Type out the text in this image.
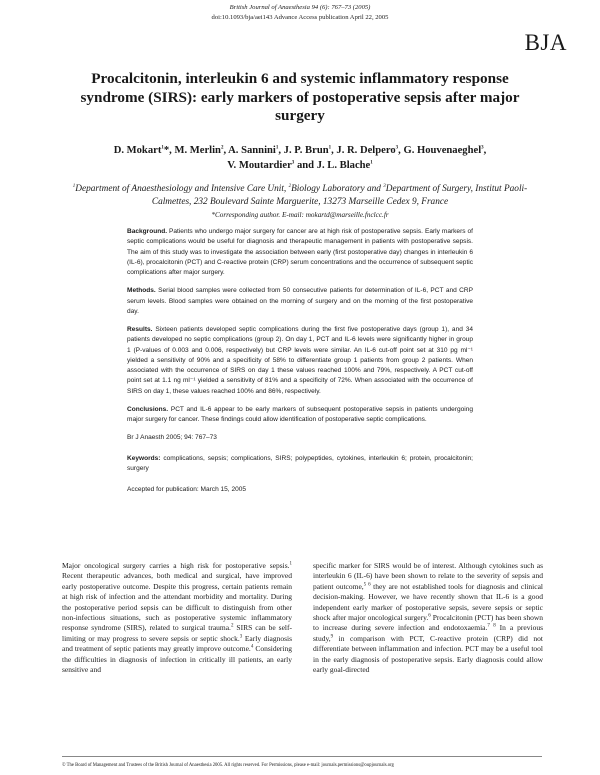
British Journal of Anaesthesia 94 (6): 767–73 (2005)
doi:10.1093/bja/aei143 Advance Access publication April 22, 2005
BJA
Procalcitonin, interleukin 6 and systemic inflammatory response syndrome (SIRS): early markers of postoperative sepsis after major surgery
D. Mokart$^1$*, M. Merlin$^2$, A. Sannini$^1$, J. P. Brun$^1$, J. R. Delpero$^3$, G. Houvenaeghel$^3$,
V. Moutardier$^3$ and J. L. Blache$^1$
$^1$Department of Anaesthesiology and Intensive Care Unit, $^2$Biology Laboratory and $^3$Department of Surgery, Institut Paoli-Calmettes, 232 Boulevard Sainte Marguerite, 13273 Marseille Cedex 9, France
*Corresponding author. E-mail: mokartd@marseille.fnclcc.fr

Background. Patients who undergo major surgery for cancer are at high risk of postoperative sepsis. Early markers of septic complications would be useful for diagnosis and therapeutic management in patients with postoperative sepsis. The aim of this study was to investigate the association between early (first postoperative day) changes in interleukin 6 (IL-6), procalcitonin (PCT) and C-reactive protein (CRP) serum concentrations and the occurrence of subsequent septic complications after major surgery.

Methods. Serial blood samples were collected from 50 consecutive patients for determination of IL-6, PCT and CRP serum levels. Blood samples were obtained on the morning of surgery and on the morning of the first postoperative day.

Results. Sixteen patients developed septic complications during the first five postoperative days (group 1), and 34 patients developed no septic complications (group 2). On day 1, PCT and IL-6 levels were significantly higher in group 1 (P-values of 0.003 and 0.006, respectively) but CRP levels were similar. An IL-6 cut-off point set at 310 pg ml⁻¹ yielded a sensitivity of 90% and a specificity of 58% to differentiate group 1 patients from group 2 patients. When associated with the occurrence of SIRS on day 1 these values reached 100% and 79%, respectively. A PCT cut-off point set at 1.1 ng ml⁻¹ yielded a sensitivity of 81% and a specificity of 72%. When associated with the occurrence of SIRS on day 1, these values reached 100% and 86%, respectively.

Conclusions. PCT and IL-6 appear to be early markers of subsequent postoperative sepsis in patients undergoing major surgery for cancer. These findings could allow identification of postoperative septic complications.

Br J Anaesth 2005; 94: 767–73

Keywords: complications, sepsis; complications, SIRS; polypeptides, cytokines, interleukin 6; protein, procalcitonin; surgery

Accepted for publication: March 15, 2005

Major oncological surgery carries a high risk for postoperative sepsis.$^1$ Recent therapeutic advances, both medical and surgical, have improved early postoperative outcome. Despite this progress, certain patients remain at high risk of infection and the attendant morbidity and mortality. During the postoperative period sepsis can be difficult to distinguish from other non-infectious situations, such as postoperative systemic inflammatory response syndrome (SIRS), related to surgical trauma.$^2$ SIRS can be self-limiting or may progress to severe sepsis or septic shock.$^3$ Early diagnosis and treatment of septic patients may greatly improve outcome.$^4$ Considering the difficulties in diagnosis of infection in critically ill patients, an early sensitive and
specific marker for SIRS would be of interest. Although cytokines such as interleukin 6 (IL-6) have been shown to relate to the severity of sepsis and patient outcome,$^{5 6}$ they are not established tools for diagnosis and clinical decision-making. However, we have recently shown that IL-6 is a good independent early marker of postoperative sepsis, severe sepsis or septic shock after major oncological surgery.$^6$ Procalcitonin (PCT) has been shown to increase during severe infection and endotoxaemia.$^{7 8}$ In a previous study,$^9$ in comparison with PCT, C-reactive protein (CRP) did not differentiate between inflammation and infection. PCT may be a useful tool in the early diagnosis of postoperative sepsis. Early diagnosis could allow early goal-directed
© The Board of Management and Trustees of the British Journal of Anaesthesia 2005. All rights reserved. For Permissions, please e-mail: journals.permissions@oupjournals.org
